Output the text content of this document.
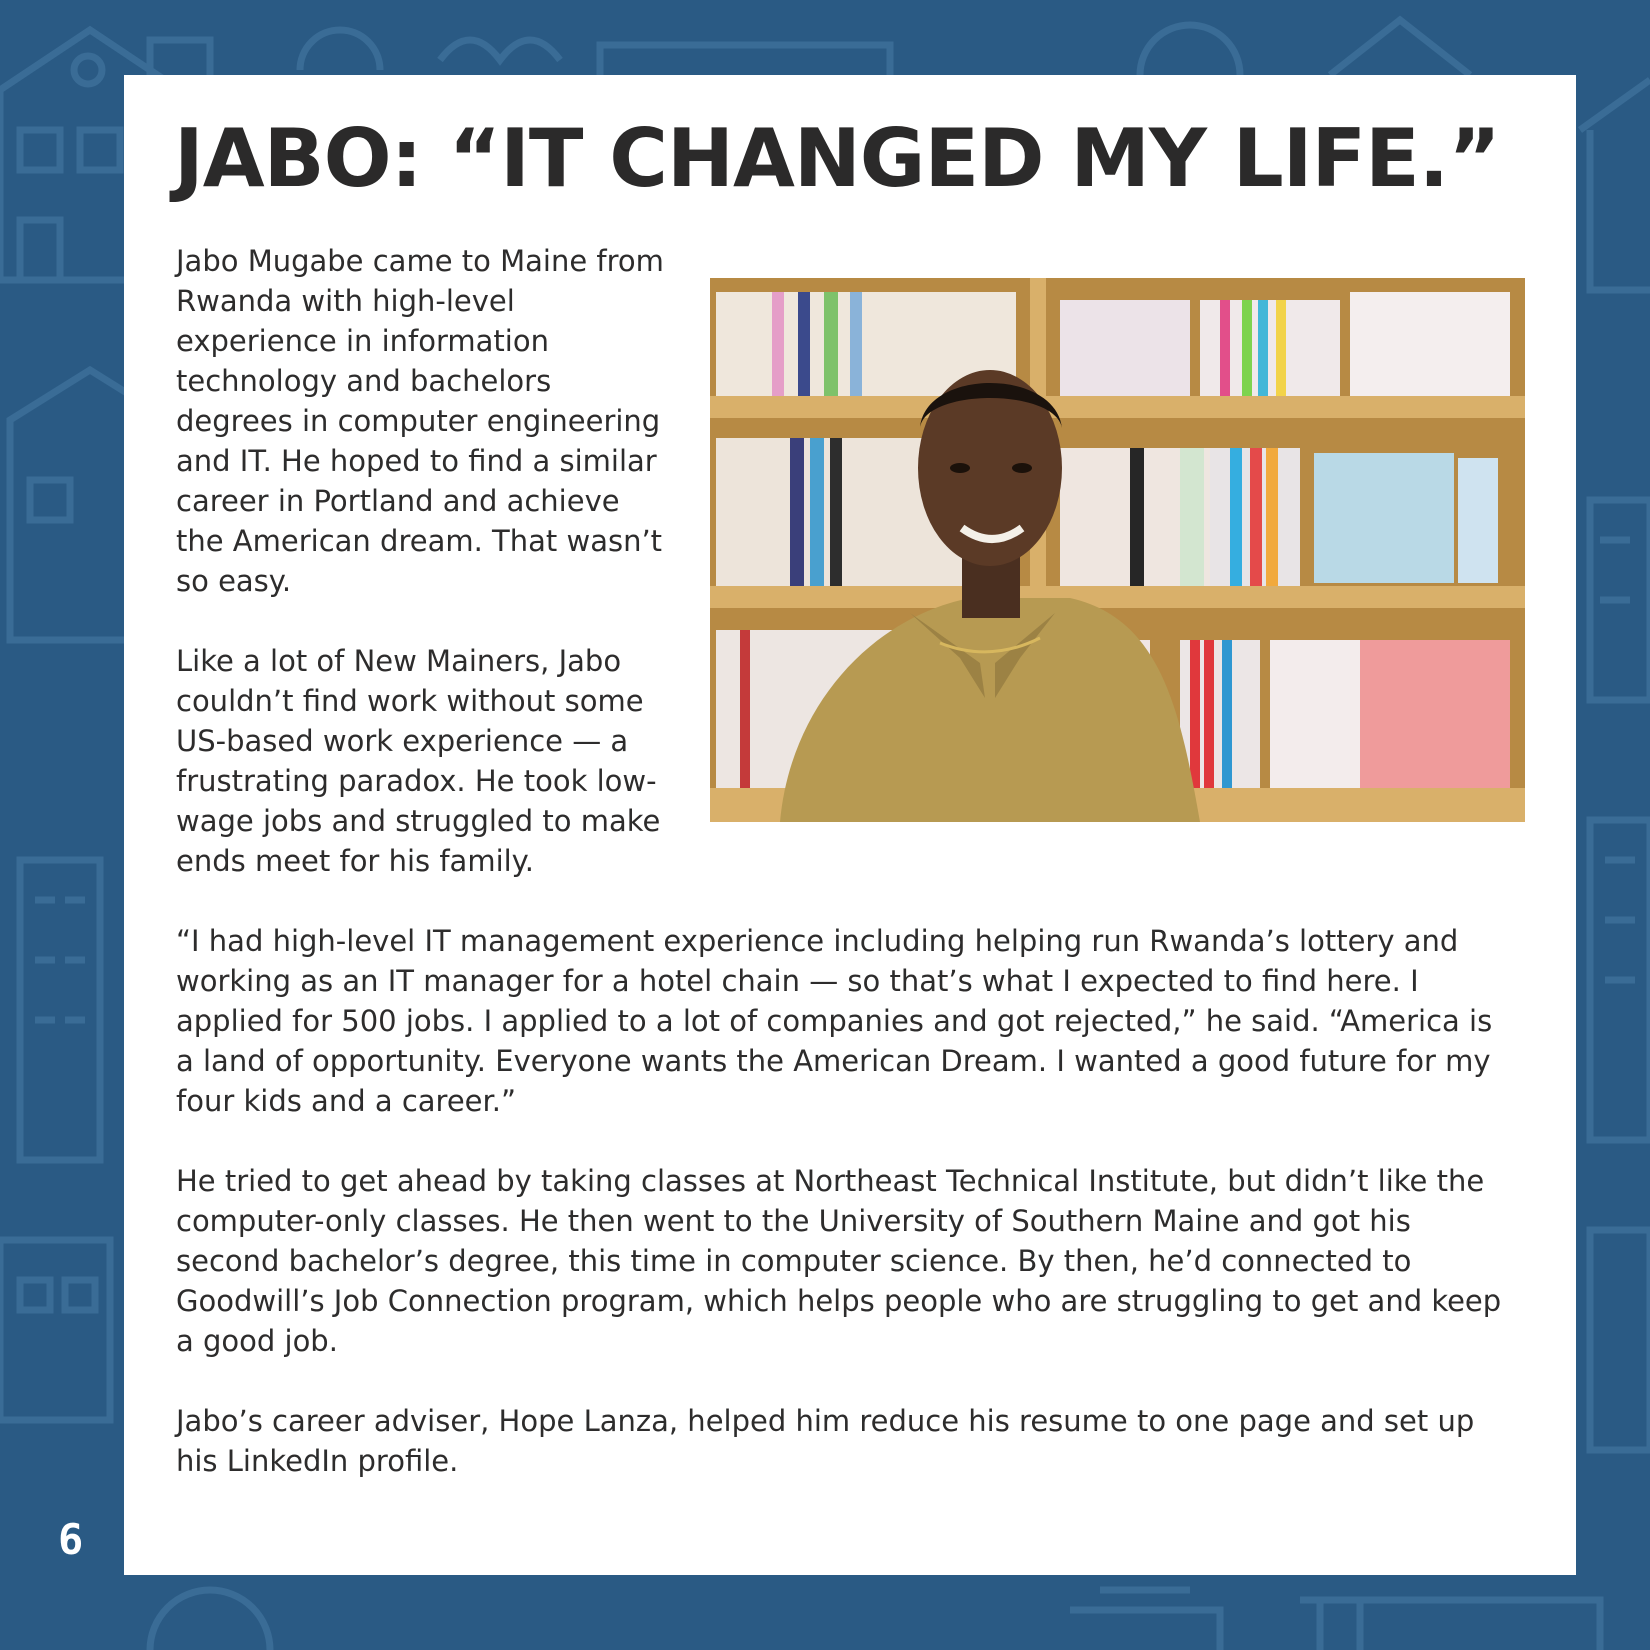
JABO: “IT CHANGED MY LIFE.”

Jabo Mugabe came to Maine from Rwanda with high-level experience in information technology and bachelors degrees in computer engineering and IT. He hoped to find a similar career in Portland and achieve the American dream. That wasn’t so easy.

Like a lot of New Mainers, Jabo couldn’t find work without some US-based work experience — a frustrating paradox. He took low-wage jobs and struggled to make ends meet for his family.

“I had high-level IT management experience including helping run Rwanda’s lottery and working as an IT manager for a hotel chain — so that’s what I expected to find here. I applied for 500 jobs. I applied to a lot of companies and got rejected,” he said. “America is a land of opportunity. Everyone wants the American Dream. I wanted a good future for my four kids and a career.”

He tried to get ahead by taking classes at Northeast Technical Institute, but didn’t like the computer-only classes. He then went to the University of Southern Maine and got his second bachelor’s degree, this time in computer science. By then, he’d connected to Goodwill’s Job Connection program, which helps people who are struggling to get and keep a good job.

Jabo’s career adviser, Hope Lanza, helped him reduce his resume to one page and set up his LinkedIn profile.

6
